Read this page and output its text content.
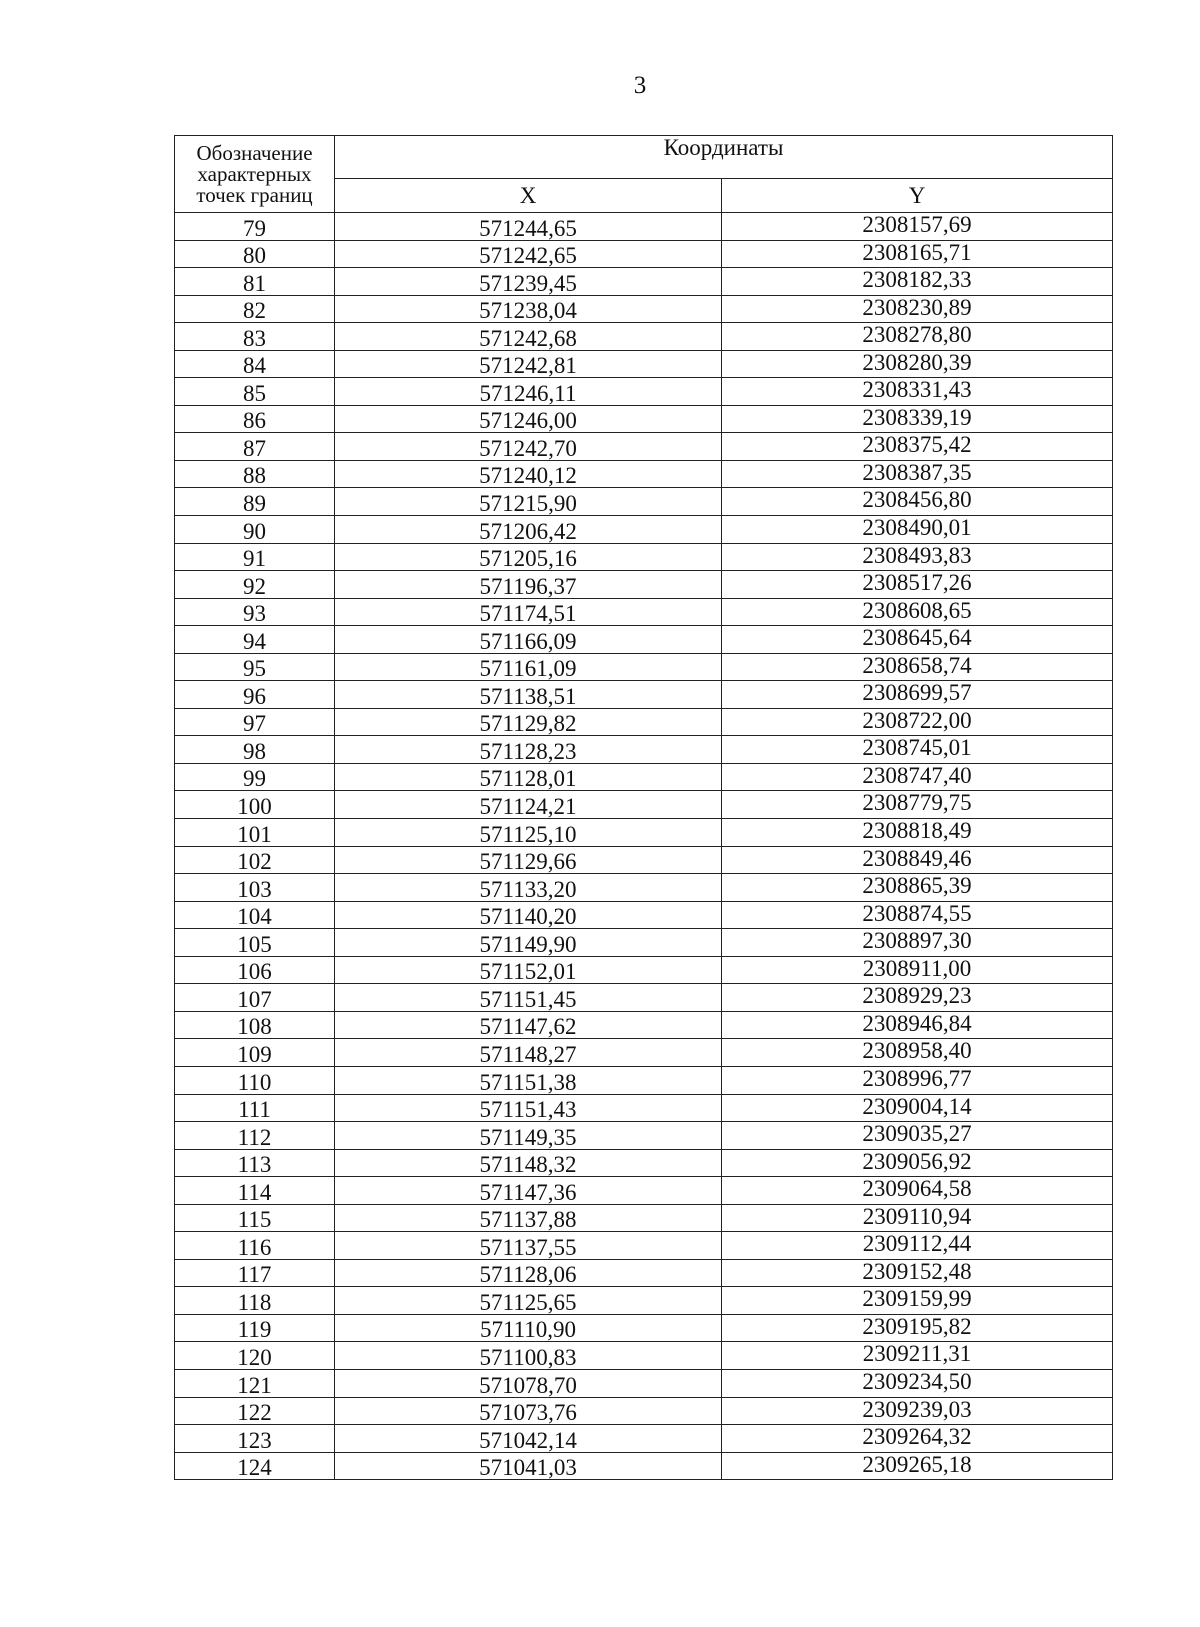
3
Обозначение характерных точек границ	Координаты	
	X	Y
79	571244,65	2308157,69
80	571242,65	2308165,71
81	571239,45	2308182,33
82	571238,04	2308230,89
83	571242,68	2308278,80
84	571242,81	2308280,39
85	571246,11	2308331,43
86	571246,00	2308339,19
87	571242,70	2308375,42
88	571240,12	2308387,35
89	571215,90	2308456,80
90	571206,42	2308490,01
91	571205,16	2308493,83
92	571196,37	2308517,26
93	571174,51	2308608,65
94	571166,09	2308645,64
95	571161,09	2308658,74
96	571138,51	2308699,57
97	571129,82	2308722,00
98	571128,23	2308745,01
99	571128,01	2308747,40
100	571124,21	2308779,75
101	571125,10	2308818,49
102	571129,66	2308849,46
103	571133,20	2308865,39
104	571140,20	2308874,55
105	571149,90	2308897,30
106	571152,01	2308911,00
107	571151,45	2308929,23
108	571147,62	2308946,84
109	571148,27	2308958,40
110	571151,38	2308996,77
111	571151,43	2309004,14
112	571149,35	2309035,27
113	571148,32	2309056,92
114	571147,36	2309064,58
115	571137,88	2309110,94
116	571137,55	2309112,44
117	571128,06	2309152,48
118	571125,65	2309159,99
119	571110,90	2309195,82
120	571100,83	2309211,31
121	571078,70	2309234,50
122	571073,76	2309239,03
123	571042,14	2309264,32
124	571041,03	2309265,18
